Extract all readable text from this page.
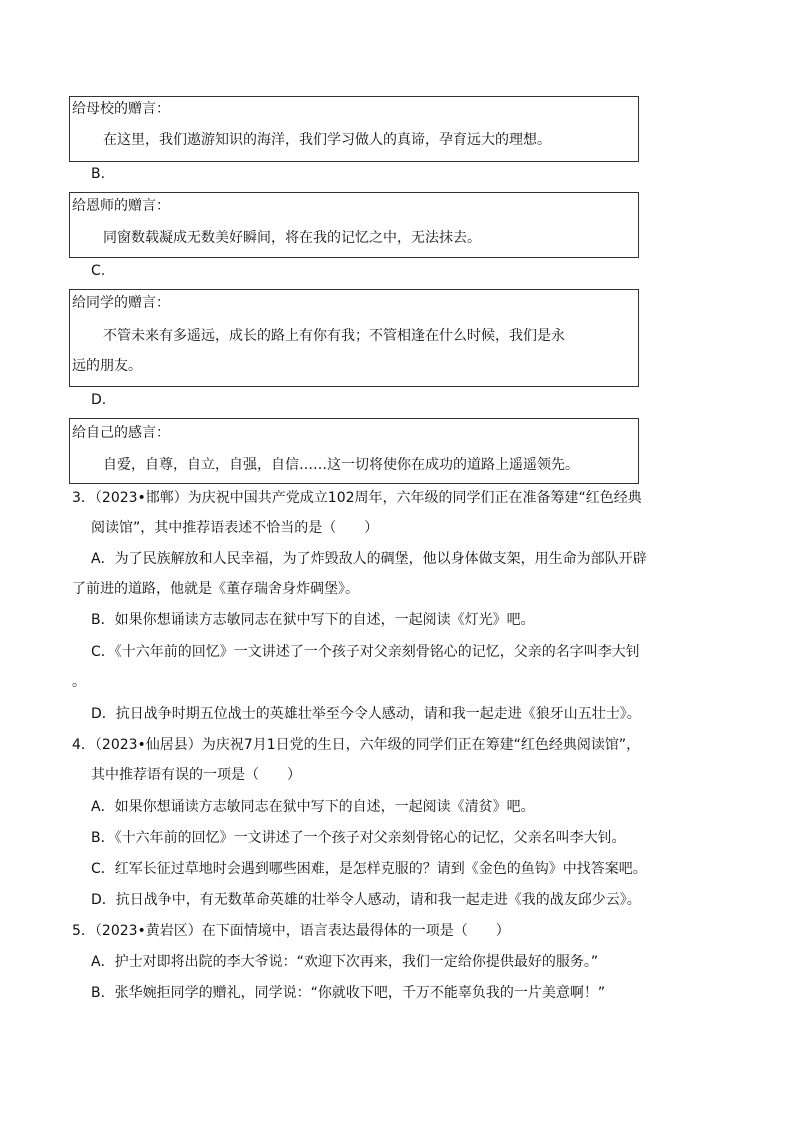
给母校的赠言：
在这里，我们遨游知识的海洋，我们学习做人的真谛，孕育远大的理想。
B.
给恩师的赠言：
同窗数载凝成无数美好瞬间，将在我的记忆之中，无法抹去。
C.
给同学的赠言：
不管未来有多遥远，成长的路上有你有我；不管相逢在什么时候，我们是永
远的朋友。
D.
给自己的感言：
自爱，自尊，自立，自强，自信……这一切将使你在成功的道路上遥遥领先。
3．（2023•邯郸）为庆祝中国共产党成立102周年，六年级的同学们正在准备筹建“红色经典
阅读馆”，其中推荐语表述不恰当的是（　　）
A．为了民族解放和人民幸福，为了炸毁敌人的碉堡，他以身体做支架，用生命为部队开辟
了前进的道路，他就是《董存瑞舍身炸碉堡》。
B．如果你想诵读方志敏同志在狱中写下的自述，一起阅读《灯光》吧。
C．《十六年前的回忆》一文讲述了一个孩子对父亲刻骨铭心的记忆，父亲的名字叫李大钊
。
D．抗日战争时期五位战士的英雄壮举至今令人感动，请和我一起走进《狼牙山五壮士》。
4．（2023•仙居县）为庆祝7月1日党的生日，六年级的同学们正在筹建“红色经典阅读馆”，
其中推荐语有误的一项是（　　）
A．如果你想诵读方志敏同志在狱中写下的自述，一起阅读《清贫》吧。
B．《十六年前的回忆》一文讲述了一个孩子对父亲刻骨铭心的记忆，父亲名叫李大钊。
C．红军长征过草地时会遇到哪些困难，是怎样克服的？请到《金色的鱼钩》中找答案吧。
D．抗日战争中，有无数革命英雄的壮举令人感动，请和我一起走进《我的战友邱少云》。
5．（2023•黄岩区）在下面情境中，语言表达最得体的一项是（　　）
A．护士对即将出院的李大爷说：“欢迎下次再来，我们一定给你提供最好的服务。”
B．张华婉拒同学的赠礼，同学说：“你就收下吧，千万不能辜负我的一片美意啊！”
